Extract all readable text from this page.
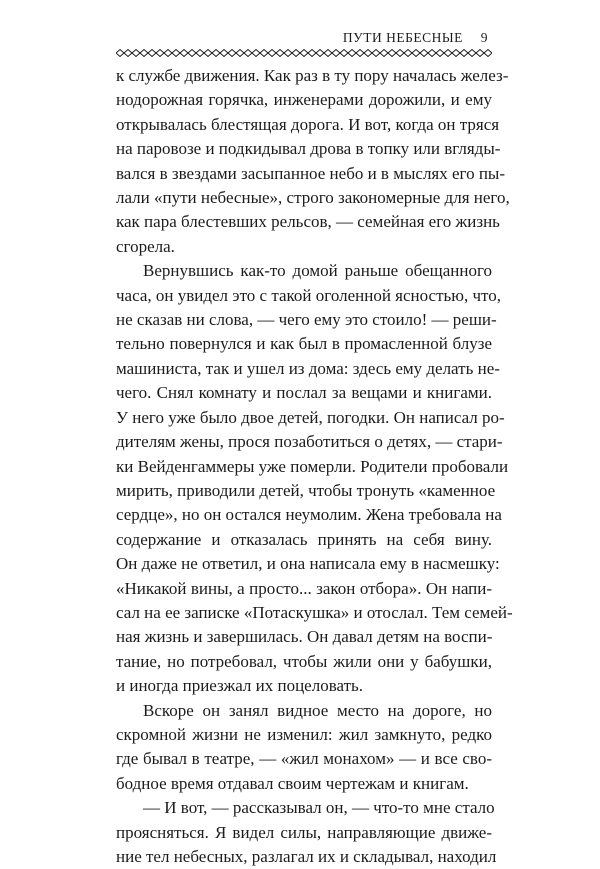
ПУТИ НЕБЕСНЫЕ 9
к службе движения. Как раз в ту пору началась желез-
нодорожная горячка, инженерами дорожили, и ему
открывалась блестящая дорога. И вот, когда он тряся
на паровозе и подкидывал дрова в топку или вгляды-
вался в звездами засыпанное небо и в мыслях его пы-
лали «пути небесные», строго закономерные для него,
как пара блестевших рельсов, — семейная его жизнь
сгорела.
Вернувшись как-то домой раньше обещанного
часа, он увидел это с такой оголенной ясностью, что,
не сказав ни слова, — чего ему это стоило! — реши-
тельно повернулся и как был в промасленной блузе
машиниста, так и ушел из дома: здесь ему делать не-
чего. Снял комнату и послал за вещами и книгами.
У него уже было двое детей, погодки. Он написал ро-
дителям жены, прося позаботиться о детях, — стари-
ки Вейденгаммеры уже померли. Родители пробовали
мирить, приводили детей, чтобы тронуть «каменное
сердце», но он остался неумолим. Жена требовала на
содержание и отказалась принять на себя вину.
Он даже не ответил, и она написала ему в насмешку:
«Никакой вины, а просто... закон отбора». Он напи-
сал на ее записке «Потаскушка» и отослал. Тем семей-
ная жизнь и завершилась. Он давал детям на воспи-
тание, но потребовал, чтобы жили они у бабушки,
и иногда приезжал их поцеловать.
Вскоре он занял видное место на дороге, но
скромной жизни не изменил: жил замкнуто, редко
где бывал в театре, — «жил монахом» — и все сво-
бодное время отдавал своим чертежам и книгам.
— И вот, — рассказывал он, — что-то мне стало
проясняться. Я видел силы, направляющие движе-
ние тел небесных, разлагал их и складывал, находил
